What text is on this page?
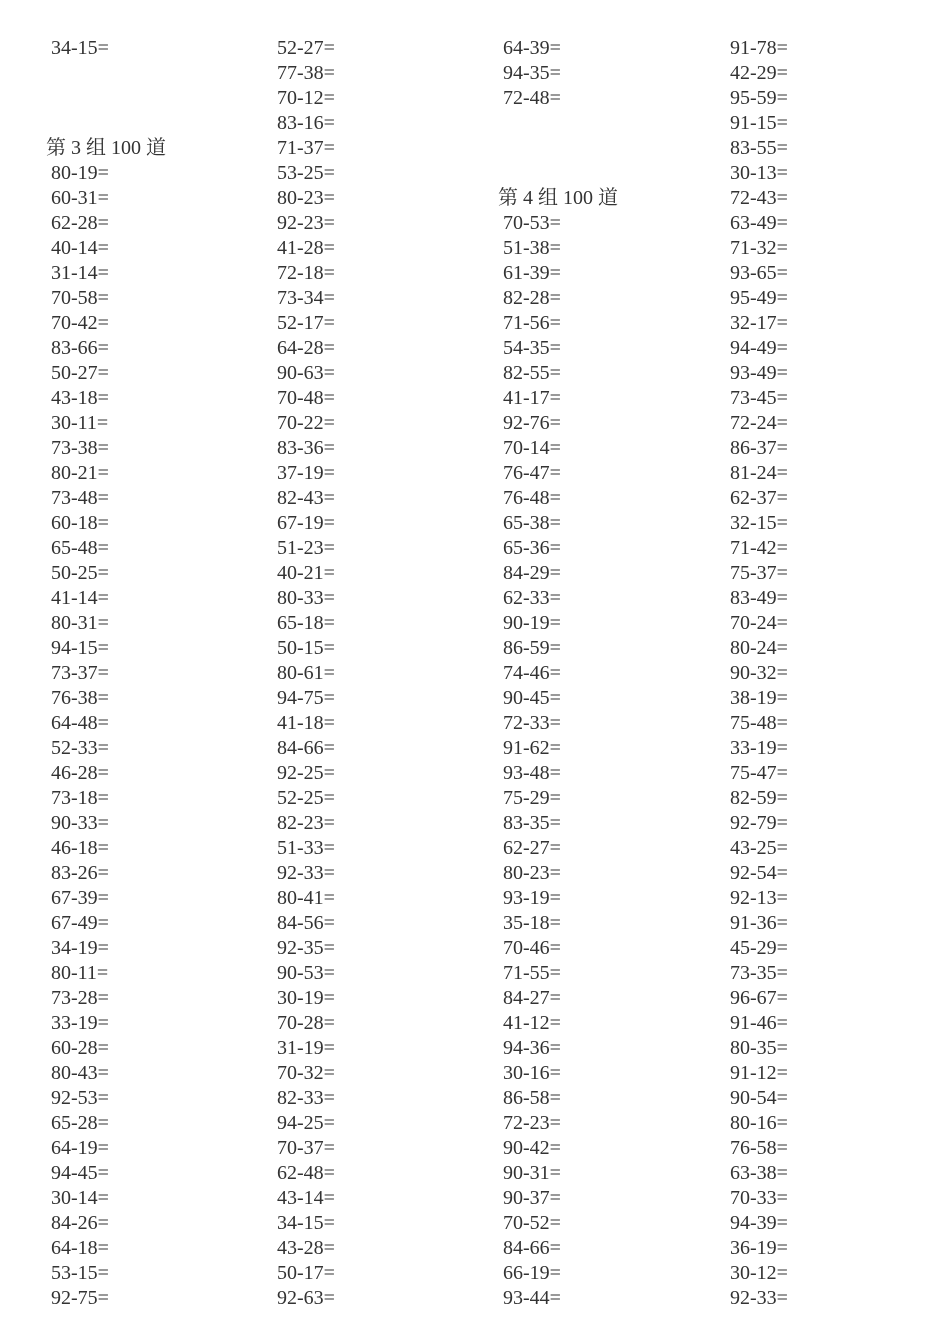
34-15=
第 3 组 100 道
80-19=
60-31=
62-28=
40-14=
31-14=
70-58=
70-42=
83-66=
50-27=
43-18=
30-11=
73-38=
80-21=
73-48=
60-18=
65-48=
50-25=
41-14=
80-31=
94-15=
73-37=
76-38=
64-48=
52-33=
46-28=
73-18=
90-33=
46-18=
83-26=
67-39=
67-49=
34-19=
80-11=
73-28=
33-19=
60-28=
80-43=
92-53=
65-28=
64-19=
94-45=
30-14=
84-26=
64-18=
53-15=
92-75=
52-27=
77-38=
70-12=
83-16=
71-37=
53-25=
80-23=
92-23=
41-28=
72-18=
73-34=
52-17=
64-28=
90-63=
70-48=
70-22=
83-36=
37-19=
82-43=
67-19=
51-23=
40-21=
80-33=
65-18=
50-15=
80-61=
94-75=
41-18=
84-66=
92-25=
52-25=
82-23=
51-33=
92-33=
80-41=
84-56=
92-35=
90-53=
30-19=
70-28=
31-19=
70-32=
82-33=
94-25=
70-37=
62-48=
43-14=
34-15=
43-28=
50-17=
92-63=
64-39=
94-35=
72-48=
第 4 组 100 道
70-53=
51-38=
61-39=
82-28=
71-56=
54-35=
82-55=
41-17=
92-76=
70-14=
76-47=
76-48=
65-38=
65-36=
84-29=
62-33=
90-19=
86-59=
74-46=
90-45=
72-33=
91-62=
93-48=
75-29=
83-35=
62-27=
80-23=
93-19=
35-18=
70-46=
71-55=
84-27=
41-12=
94-36=
30-16=
86-58=
72-23=
90-42=
90-31=
90-37=
70-52=
84-66=
66-19=
93-44=
91-78=
42-29=
95-59=
91-15=
83-55=
30-13=
72-43=
63-49=
71-32=
93-65=
95-49=
32-17=
94-49=
93-49=
73-45=
72-24=
86-37=
81-24=
62-37=
32-15=
71-42=
75-37=
83-49=
70-24=
80-24=
90-32=
38-19=
75-48=
33-19=
75-47=
82-59=
92-79=
43-25=
92-54=
92-13=
91-36=
45-29=
73-35=
96-67=
91-46=
80-35=
91-12=
90-54=
80-16=
76-58=
63-38=
70-33=
94-39=
36-19=
30-12=
92-33=
